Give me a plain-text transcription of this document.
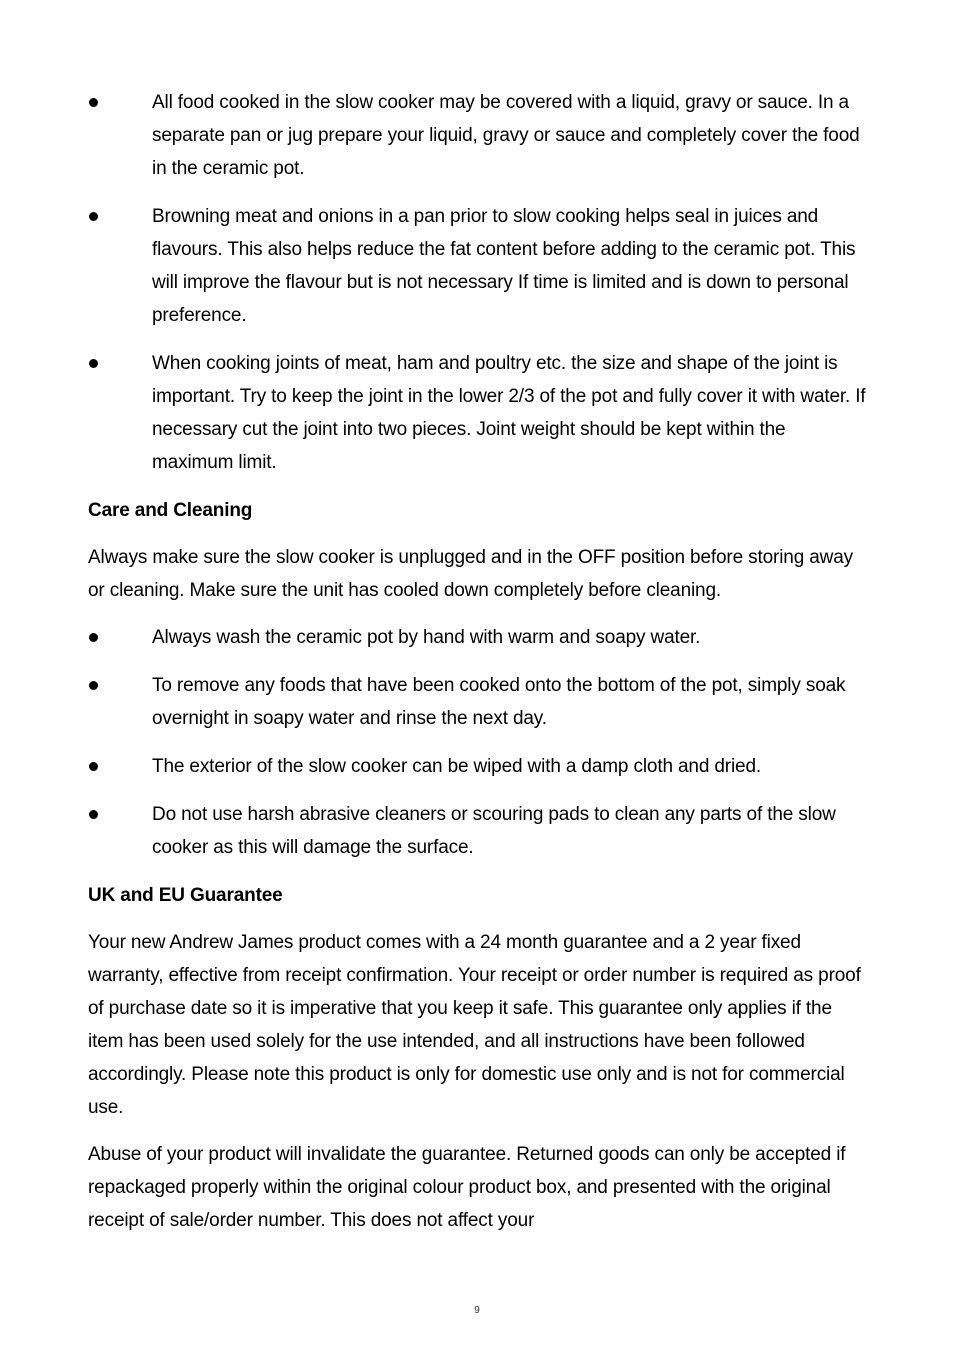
All food cooked in the slow cooker may be covered with a liquid, gravy or sauce. In a separate pan or jug prepare your liquid, gravy or sauce and completely cover the food in the ceramic pot.
Browning meat and onions in a pan prior to slow cooking helps seal in juices and flavours. This also helps reduce the fat content before adding to the ceramic pot. This will improve the flavour but is not necessary If time is limited and is down to personal preference.
When cooking joints of meat, ham and poultry etc. the size and shape of the joint is important. Try to keep the joint in the lower 2/3 of the pot and fully cover it with water. If necessary cut the joint into two pieces. Joint weight should be kept within the maximum limit.
Care and Cleaning

Always make sure the slow cooker is unplugged and in the OFF position before storing away or cleaning. Make sure the unit has cooled down completely before cleaning.

Always wash the ceramic pot by hand with warm and soapy water.
To remove any foods that have been cooked onto the bottom of the pot, simply soak overnight in soapy water and rinse the next day.
The exterior of the slow cooker can be wiped with a damp cloth and dried.
Do not use harsh abrasive cleaners or scouring pads to clean any parts of the slow cooker as this will damage the surface.
UK and EU Guarantee

Your new Andrew James product comes with a 24 month guarantee and a 2 year fixed warranty, effective from receipt confirmation. Your receipt or order number is required as proof of purchase date so it is imperative that you keep it safe. This guarantee only applies if the item has been used solely for the use intended, and all instructions have been followed accordingly. Please note this product is only for domestic use only and is not for commercial use.

Abuse of your product will invalidate the guarantee. Returned goods can only be accepted if repackaged properly within the original colour product box, and presented with the original receipt of sale/order number. This does not affect your

9
